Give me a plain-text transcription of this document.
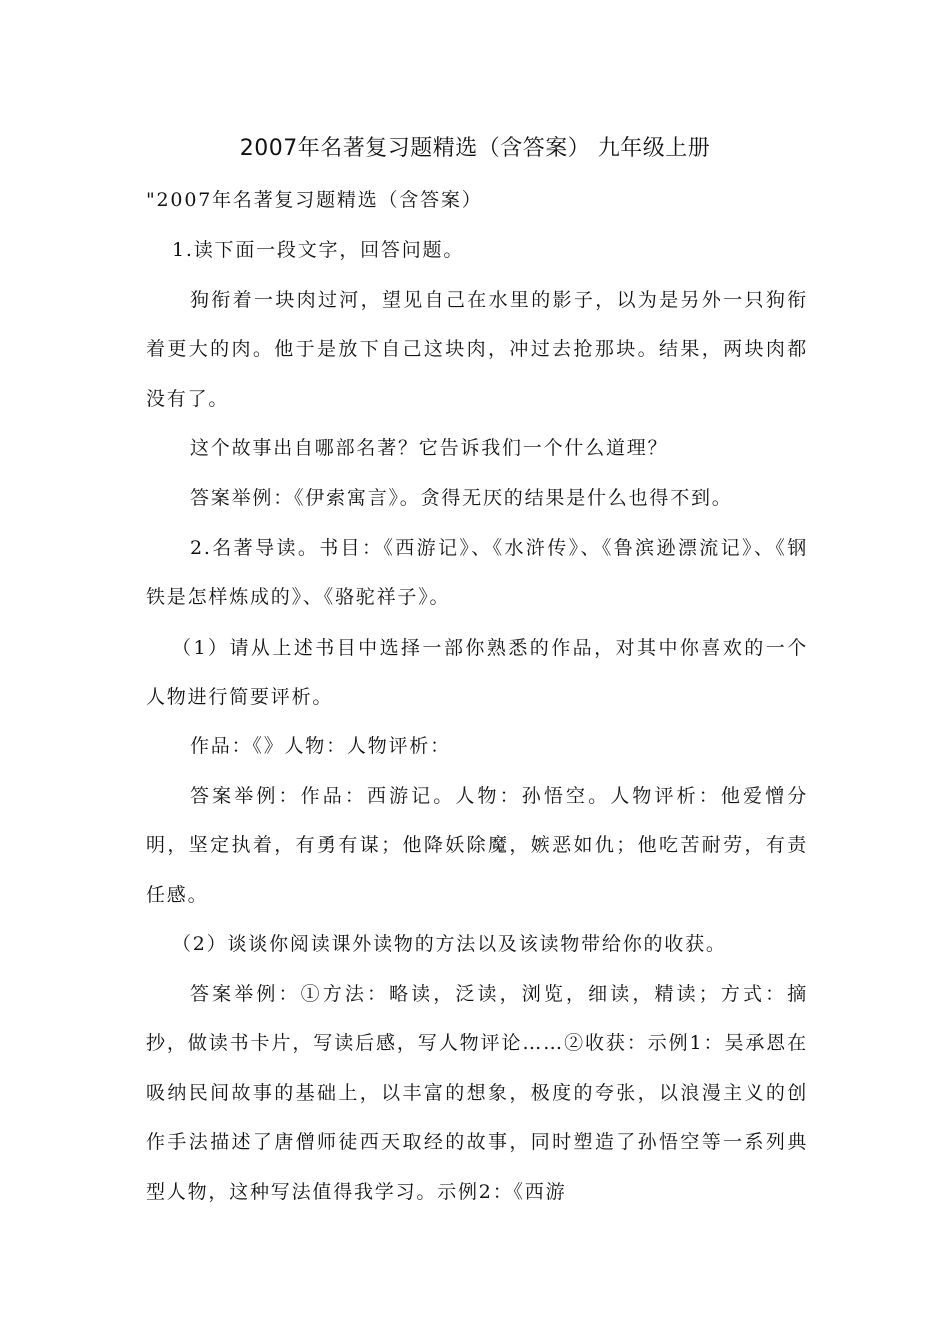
2007年名著复习题精选（含答案） 九年级上册

"2007年名著复习题精选（含答案）

1.读下面一段文字，回答问题。

狗衔着一块肉过河，望见自己在水里的影子，以为是另外一只狗衔着更大的肉。他于是放下自己这块肉，冲过去抢那块。结果，两块肉都没有了。

这个故事出自哪部名著？它告诉我们一个什么道理？

答案举例：《伊索寓言》。贪得无厌的结果是什么也得不到。

2.名著导读。书目：《西游记》、《水浒传》、《鲁滨逊漂流记》、《钢铁是怎样炼成的》、《骆驼祥子》。

（1）请从上述书目中选择一部你熟悉的作品，对其中你喜欢的一个人物进行简要评析。

作品：《》人物：人物评析：

答案举例：作品：西游记。人物：孙悟空。人物评析：他爱憎分明，坚定执着，有勇有谋；他降妖除魔，嫉恶如仇；他吃苦耐劳，有责任感。

（2）谈谈你阅读课外读物的方法以及该读物带给你的收获。

答案举例：①方法：略读，泛读，浏览，细读，精读；方式：摘抄，做读书卡片，写读后感，写人物评论……②收获：示例1：吴承恩在吸纳民间故事的基础上，以丰富的想象，极度的夸张，以浪漫主义的创作手法描述了唐僧师徒西天取经的故事，同时塑造了孙悟空等一系列典型人物，这种写法值得我学习。示例2：《西游
